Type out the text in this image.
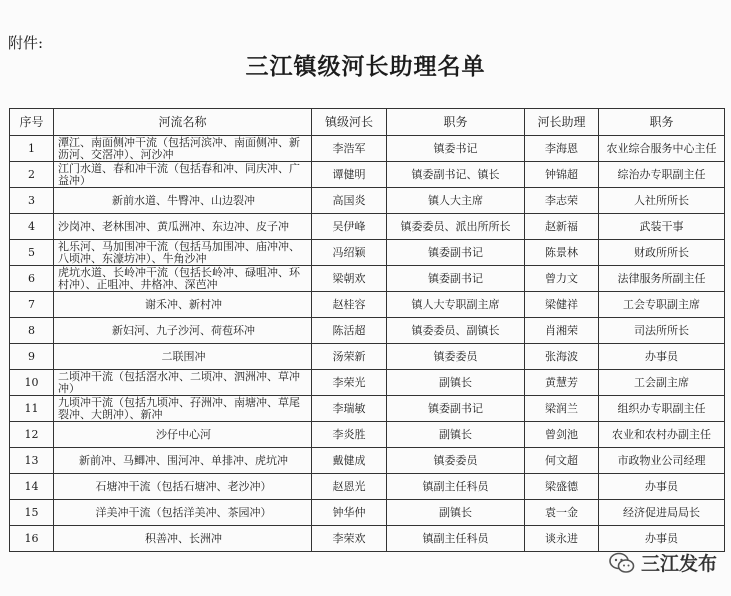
附件:
三江镇级河长助理名单
序号	河流名称	镇级河长	职务	河长助理	职务
1	潭江、南面侧冲干流（包括河滨冲、南面侧冲、新沥河、交滘冲）、河沙冲	李浩军	镇委书记	李海恩	农业综合服务中心主任
2	江门水道、春和冲干流（包括春和冲、同庆冲、广益冲）	谭健明	镇委副书记、镇长	钟锦超	综治办专职副主任
3	新前水道、牛臀冲、山边裂冲	高国炎	镇人大主席	李志荣	人社所所长
4	沙岗冲、老林围冲、黄瓜洲冲、东边冲、皮子冲	吴伊峰	镇委委员、派出所所长	赵新福	武装干事
5	礼乐河、马加围冲干流（包括马加围冲、庙冲冲、八顷冲、东濠坊冲）、牛角沙冲	冯绍颖	镇委副书记	陈景林	财政所所长
6	虎坑水道、长岭冲干流（包括长岭冲、碌咀冲、环村冲）、正咀冲、井格冲、深芭冲	梁朝欢	镇委副书记	曾力文	法律服务所副主任
7	谢禾冲、新村冲	赵桂容	镇人大专职副主席	梁健祥	工会专职副主席
8	新妇河、九子沙河、荷苞环冲	陈活超	镇委委员、副镇长	肖湘荣	司法所所长
9	二联围冲	汤荣新	镇委委员	张海波	办事员
10	二顷冲干流（包括滘水冲、二顷冲、泗洲冲、草冲冲）	李荣光	副镇长	黄慧芳	工会副主席
11	九顷冲干流（包括九顷冲、孖洲冲、南塘冲、草尾裂冲、大朗冲）、新冲	李瑞敏	镇委副书记	梁润兰	组织办专职副主任
12	沙仔中心河	李炎胜	副镇长	曾剑池	农业和农村办副主任
13	新前冲、马鲫冲、围河冲、单排冲、虎坑冲	戴健成	镇委委员	何文超	市政物业公司经理
14	石塘冲干流（包括石塘冲、老沙冲）	赵恩光	镇副主任科员	梁盛德	办事员
15	洋美冲干流（包括洋美冲、茶园冲）	钟华仲	副镇长	袁一金	经济促进局局长
16	积善冲、长洲冲	李荣欢	镇副主任科员	谈永进	办事员
三江发布
